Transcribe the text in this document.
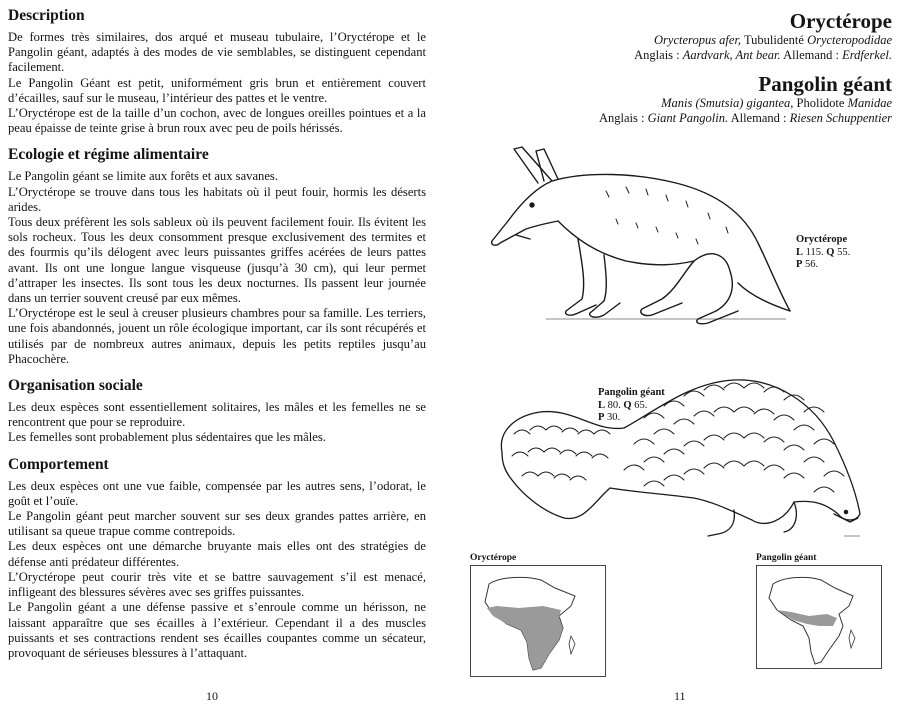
Description

De formes très similaires, dos arqué et museau tubulaire, l’Oryctérope et le Pangolin géant, adaptés à des modes de vie semblables, se distinguent cependant facilement.

Le Pangolin Géant est petit, uniformément gris brun et entièrement couvert d’écailles, sauf sur le museau, l’intérieur des pattes et le ventre.

L’Oryctérope est de la taille d’un cochon, avec de longues oreilles pointues et a la peau épaisse de teinte grise à brun roux avec peu de poils hérissés.

Ecologie et régime alimentaire

Le Pangolin géant se limite aux forêts et aux savanes.

L’Oryctérope se trouve dans tous les habitats où il peut fouir, hormis les déserts arides.

Tous deux préfèrent les sols sableux où ils peuvent facilement fouir. Ils évitent les sols rocheux. Tous les deux consomment presque exclusivement des termites et des fourmis qu’ils délogent avec leurs puissantes griffes acérées de leurs pattes avant. Ils ont une longue langue visqueuse (jusqu’à 30 cm), qui leur permet d’attraper les insectes. Ils sont tous les deux nocturnes. Ils passent leur journée dans un terrier souvent creusé par eux mêmes.

L’Oryctérope est le seul à creuser plusieurs chambres pour sa famille. Les terriers, une fois abandonnés, jouent un rôle écologique important, car ils sont récupérés et utilisés par de nombreux autres animaux, depuis les petits reptiles jusqu’au Phacochère.

Organisation sociale

Les deux espèces sont essentiellement solitaires, les mâles et les femelles ne se rencontrent que pour se reproduire.

Les femelles sont probablement plus sédentaires que les mâles.

Comportement

Les deux espèces ont une vue faible, compensée par les autres sens, l’odorat, le goût et l’ouïe.

Le Pangolin géant peut marcher souvent sur ses deux grandes pattes arrière, en utilisant sa queue trapue comme contrepoids.

Les deux espèces ont une démarche bruyante mais elles ont des stratégies de défense anti prédateur différentes.

L’Oryctérope peut courir très vite et se battre sauvagement s’il est menacé, infligeant des blessures sévères avec ses griffes puissantes.

Le Pangolin géant a une défense passive et s’enroule comme un hérisson, ne laissant apparaître que ses écailles à l’extérieur. Cependant il a des muscles puissants et ses contractions rendent ses écailles coupantes comme un sécateur, provoquant de sérieuses blessures à l’attaquant.

10
Oryctérope
Orycteropus afer, Tubulidenté Orycteropodidae
Anglais : Aardvark, Ant bear. Allemand : Erdferkel.
Pangolin géant
Manis (Smutsia) gigantea, Pholidote Manidae
Anglais : Giant Pangolin. Allemand : Riesen Schuppentier
Oryctérope
L 115. Q 55.
P 56.
Pangolin géant
L 80. Q 65.
P 30.
Oryctérope	Pangolin géant
11
